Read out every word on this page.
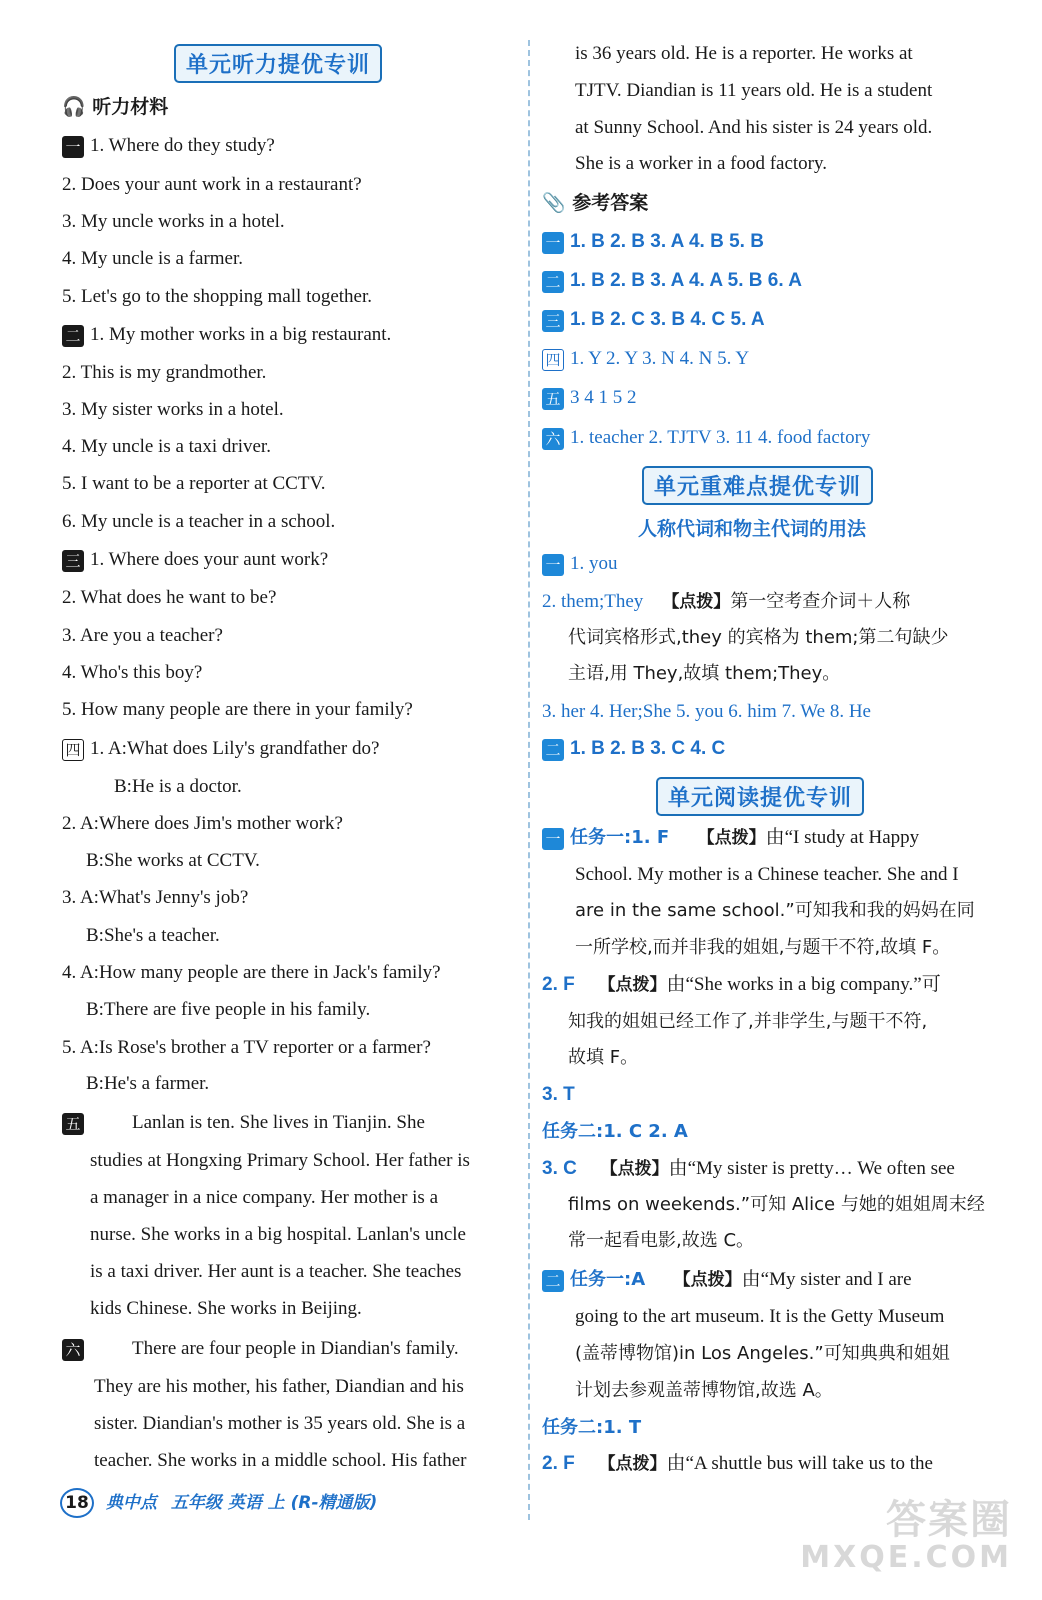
单元听力提优专训
🎧 听力材料
一 1. Where do they study?
2. Does your aunt work in a restaurant?
3. My uncle works in a hotel.
4. My uncle is a farmer.
5. Let's go to the shopping mall together.
二 1. My mother works in a big restaurant.
2. This is my grandmother.
3. My sister works in a hotel.
4. My uncle is a taxi driver.
5. I want to be a reporter at CCTV.
6. My uncle is a teacher in a school.
三 1. Where does your aunt work?
2. What does he want to be?
3. Are you a teacher?
4. Who's this boy?
5. How many people are there in your family?
四 1. A:What does Lily's grandfather do?
B:He is a doctor.
2. A:Where does Jim's mother work?
B:She works at CCTV.
3. A:What's Jenny's job?
B:She's a teacher.
4. A:How many people are there in Jack's family?
B:There are five people in his family.
5. A:Is Rose's brother a TV reporter or a farmer?
B:He's a farmer.
五	Lanlan is ten. She lives in Tianjin. She
studies at Hongxing Primary School. Her father is
a manager in a nice company. Her mother is a
nurse. She works in a big hospital. Lanlan's uncle
is a taxi driver. Her aunt is a teacher. She teaches
kids Chinese. She works in Beijing.
六	There are four people in Diandian's family.
They are his mother, his father, Diandian and his
sister. Diandian's mother is 35 years old. She is a
teacher. She works in a middle school. His father
is 36 years old. He is a reporter. He works at
TJTV. Diandian is 11 years old. He is a student
at Sunny School. And his sister is 24 years old.
She is a worker in a food factory.
📎 参考答案
一 1. B 2. B 3. A 4. B 5. B
二 1. B 2. B 3. A 4. A 5. B 6. A
三 1. B 2. C 3. B 4. C 5. A
四 1. Y 2. Y 3. N 4. N 5. Y
五 3 4 1 5 2
六 1. teacher 2. TJTV 3. 11 4. food factory
单元重难点提优专训
人称代词和物主代词的用法
一 1. you
2. them;They 【点拨】第一空考查介词＋人称
代词宾格形式,they 的宾格为 them;第二句缺少
主语,用 They,故填 them;They。
3. her 4. Her;She 5. you 6. him 7. We 8. He
二 1. B 2. B 3. C 4. C
单元阅读提优专训
一 任务一:1. F 【点拨】由“I study at Happy
School. My mother is a Chinese teacher. She and I
are in the same school.”可知我和我的妈妈在同
一所学校,而并非我的姐姐,与题干不符,故填 F。
2. F 【点拨】由“She works in a big company.”可
知我的姐姐已经工作了,并非学生,与题干不符,
故填 F。
3. T
任务二:1. C 2. A
3. C 【点拨】由“My sister is pretty… We often see
films on weekends.”可知 Alice 与她的姐姐周末经
常一起看电影,故选 C。
二 任务一:A 【点拨】由“My sister and I are
going to the art museum. It is the Getty Museum
(盖蒂博物馆)in Los Angeles.”可知典典和姐姐
计划去参观盖蒂博物馆,故选 A。
任务二:1. T
2. F 【点拨】由“A shuttle bus will take us to the
18 典中点 五年级 英语 上 (R-精通版)	答案圈
MXQE.COM
